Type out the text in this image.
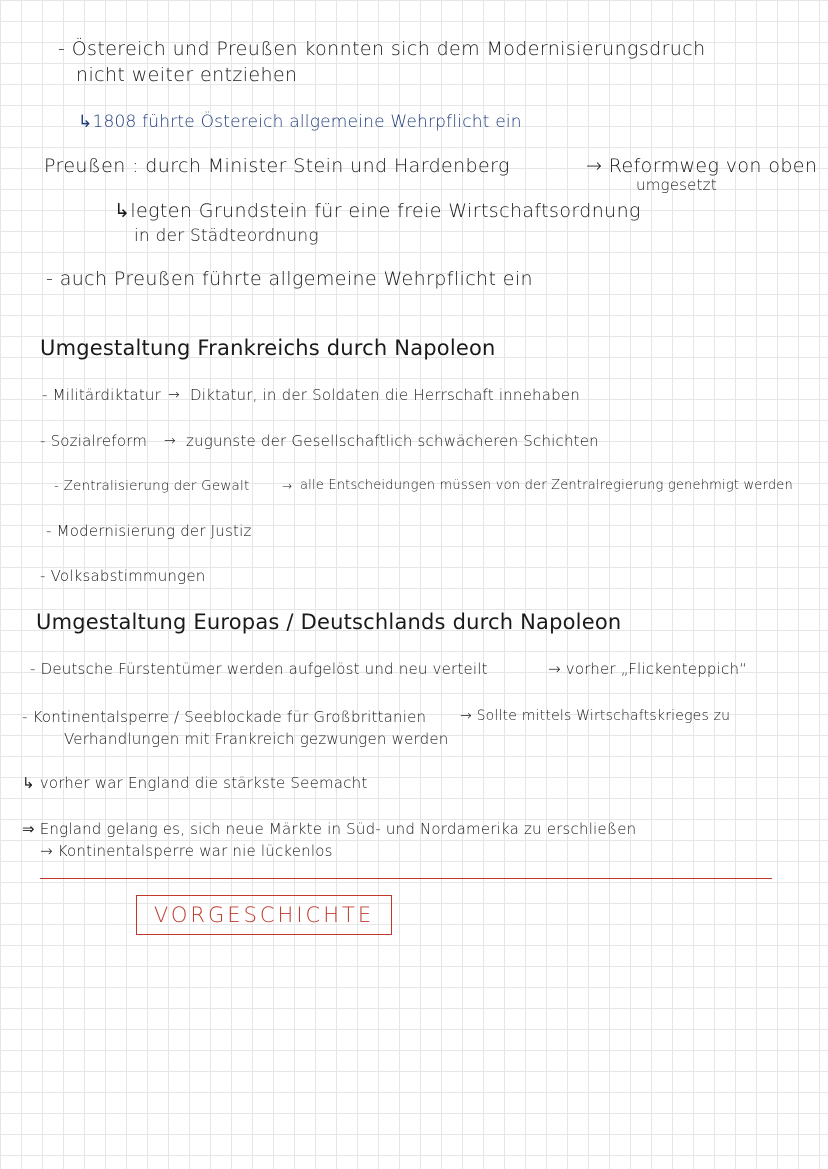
- Östereich und Preußen konnten sich dem Modernisierungsdruch
nicht weiter entziehen
↳1808 führte Östereich allgemeine Wehrpflicht ein
Preußen : durch Minister Stein und Hardenberg	→ Reformweg von oben
umgesetzt
↳legten Grundstein für eine freie Wirtschaftsordnung
in der Städteordnung
- auch Preußen führte allgemeine Wehrpflicht ein
Umgestaltung Frankreichs durch Napoleon
- Militärdiktatur → Diktatur, in der Soldaten die Herrschaft innehaben
- Sozialreform → zugunste der Gesellschaftlich schwächeren Schichten
- Zentralisierung der Gewalt	→ alle Entscheidungen müssen von der Zentralregierung genehmigt werden
- Modernisierung der Justiz
- Volksabstimmungen
Umgestaltung Europas / Deutschlands durch Napoleon
- Deutsche Fürstentümer werden aufgelöst und neu verteilt	→ vorher „Flickenteppich“
- Kontinentalsperre / Seeblockade für Großbrittanien → Sollte mittels Wirtschaftskrieges zu
Verhandlungen mit Frankreich gezwungen werden
↳ vorher war England die stärkste Seemacht
⇒ England gelang es, sich neue Märkte in Süd- und Nordamerika zu erschließen
→ Kontinentalsperre war nie lückenlos
VORGESCHICHTE
